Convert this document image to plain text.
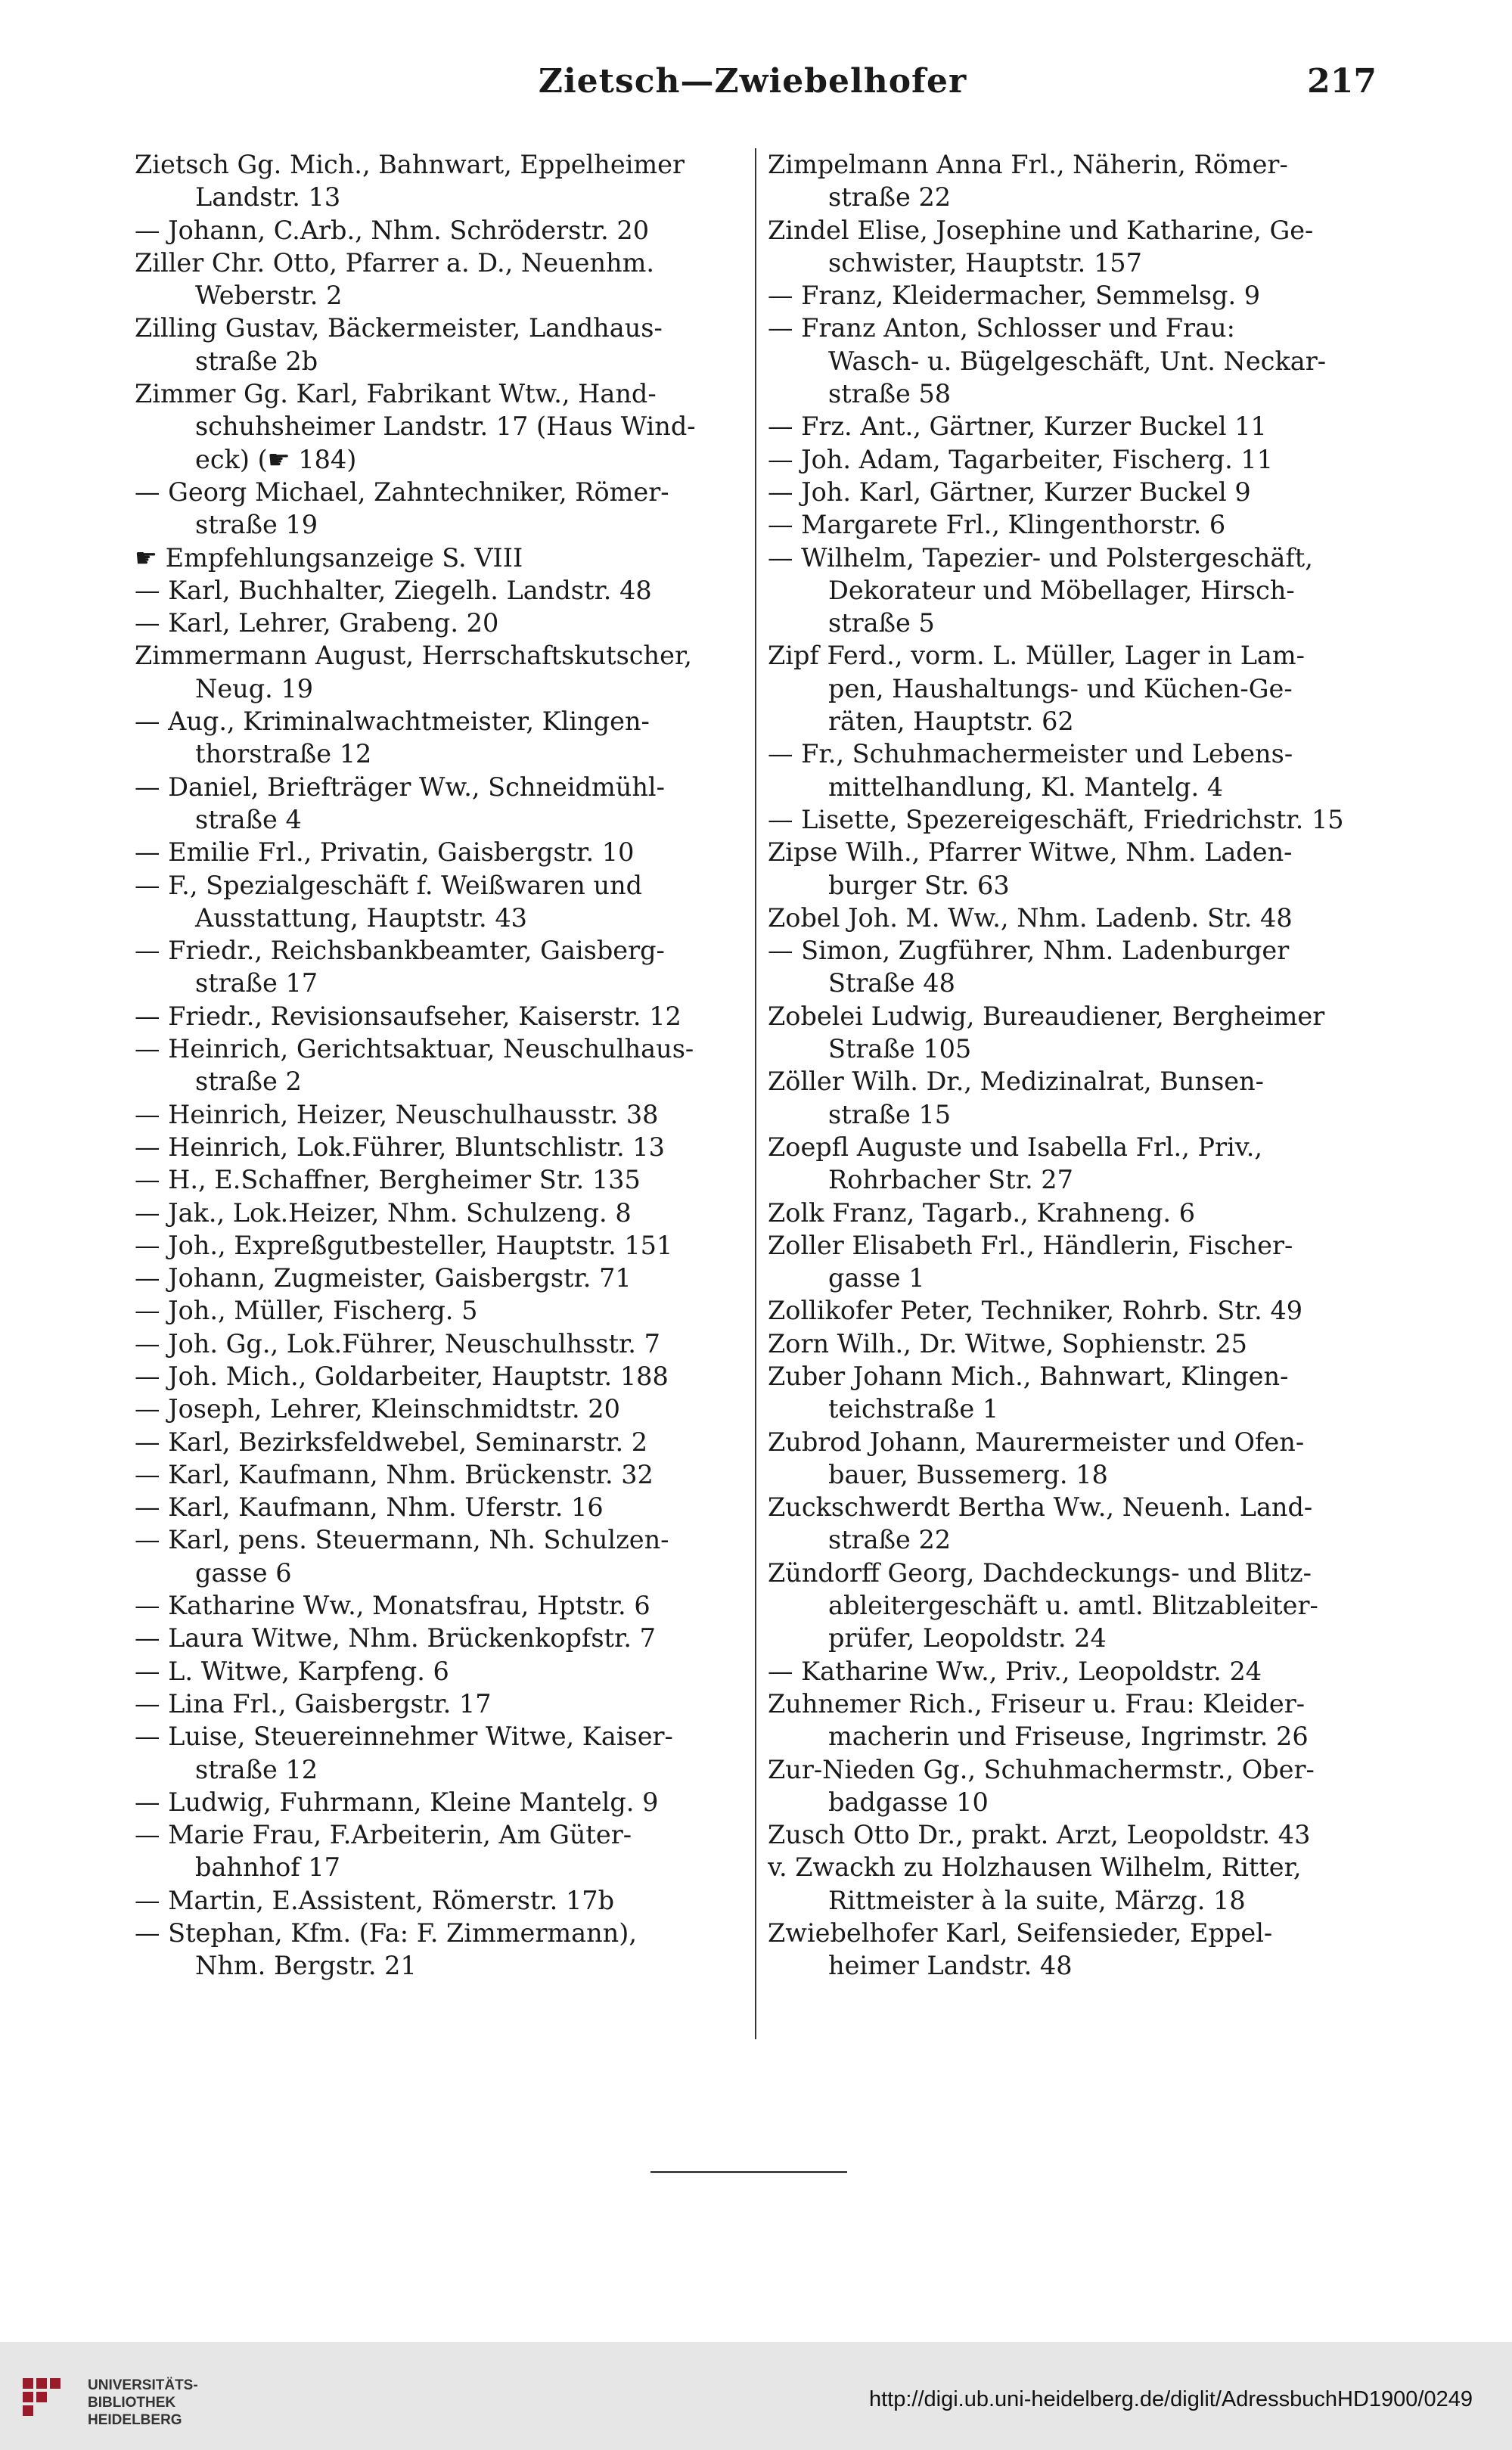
Zietsch—Zwiebelhofer	217
Zietsch Gg. Mich., Bahnwart, Eppelheimer
Landstr. 13
— Johann, C.Arb., Nhm. Schröderstr. 20
Ziller Chr. Otto, Pfarrer a. D., Neuenhm.
Weberstr. 2
Zilling Gustav, Bäckermeister, Landhaus-
straße 2b
Zimmer Gg. Karl, Fabrikant Wtw., Hand-
schuhsheimer Landstr. 17 (Haus Wind-
eck) (☛ 184)
— Georg Michael, Zahntechniker, Römer-
straße 19
☛ Empfehlungsanzeige S. VIII
— Karl, Buchhalter, Ziegelh. Landstr. 48
— Karl, Lehrer, Grabeng. 20
Zimmermann August, Herrschaftskutscher,
Neug. 19
— Aug., Kriminalwachtmeister, Klingen-
thorstraße 12
— Daniel, Briefträger Ww., Schneidmühl-
straße 4
— Emilie Frl., Privatin, Gaisbergstr. 10
— F., Spezialgeschäft f. Weißwaren und
Ausstattung, Hauptstr. 43
— Friedr., Reichsbankbeamter, Gaisberg-
straße 17
— Friedr., Revisionsaufseher, Kaiserstr. 12
— Heinrich, Gerichtsaktuar, Neuschulhaus-
straße 2
— Heinrich, Heizer, Neuschulhausstr. 38
— Heinrich, Lok.Führer, Bluntschlistr. 13
— H., E.Schaffner, Bergheimer Str. 135
— Jak., Lok.Heizer, Nhm. Schulzeng. 8
— Joh., Expreßgutbesteller, Hauptstr. 151
— Johann, Zugmeister, Gaisbergstr. 71
— Joh., Müller, Fischerg. 5
— Joh. Gg., Lok.Führer, Neuschulhsstr. 7
— Joh. Mich., Goldarbeiter, Hauptstr. 188
— Joseph, Lehrer, Kleinschmidtstr. 20
— Karl, Bezirksfeldwebel, Seminarstr. 2
— Karl, Kaufmann, Nhm. Brückenstr. 32
— Karl, Kaufmann, Nhm. Uferstr. 16
— Karl, pens. Steuermann, Nh. Schulzen-
gasse 6
— Katharine Ww., Monatsfrau, Hptstr. 6
— Laura Witwe, Nhm. Brückenkopfstr. 7
— L. Witwe, Karpfeng. 6
— Lina Frl., Gaisbergstr. 17
— Luise, Steuereinnehmer Witwe, Kaiser-
straße 12
— Ludwig, Fuhrmann, Kleine Mantelg. 9
— Marie Frau, F.Arbeiterin, Am Güter-
bahnhof 17
— Martin, E.Assistent, Römerstr. 17b
— Stephan, Kfm. (Fa: F. Zimmermann),
Nhm. Bergstr. 21
Zimpelmann Anna Frl., Näherin, Römer-
straße 22
Zindel Elise, Josephine und Katharine, Ge-
schwister, Hauptstr. 157
— Franz, Kleidermacher, Semmelsg. 9
— Franz Anton, Schlosser und Frau:
Wasch- u. Bügelgeschäft, Unt. Neckar-
straße 58
— Frz. Ant., Gärtner, Kurzer Buckel 11
— Joh. Adam, Tagarbeiter, Fischerg. 11
— Joh. Karl, Gärtner, Kurzer Buckel 9
— Margarete Frl., Klingenthorstr. 6
— Wilhelm, Tapezier- und Polstergeschäft,
Dekorateur und Möbellager, Hirsch-
straße 5
Zipf Ferd., vorm. L. Müller, Lager in Lam-
pen, Haushaltungs- und Küchen-Ge-
räten, Hauptstr. 62
— Fr., Schuhmachermeister und Lebens-
mittelhandlung, Kl. Mantelg. 4
— Lisette, Spezereigeschäft, Friedrichstr. 15
Zipse Wilh., Pfarrer Witwe, Nhm. Laden-
burger Str. 63
Zobel Joh. M. Ww., Nhm. Ladenb. Str. 48
— Simon, Zugführer, Nhm. Ladenburger
Straße 48
Zobelei Ludwig, Bureaudiener, Bergheimer
Straße 105
Zöller Wilh. Dr., Medizinalrat, Bunsen-
straße 15
Zoepfl Auguste und Isabella Frl., Priv.,
Rohrbacher Str. 27
Zolk Franz, Tagarb., Krahneng. 6
Zoller Elisabeth Frl., Händlerin, Fischer-
gasse 1
Zollikofer Peter, Techniker, Rohrb. Str. 49
Zorn Wilh., Dr. Witwe, Sophienstr. 25
Zuber Johann Mich., Bahnwart, Klingen-
teichstraße 1
Zubrod Johann, Maurermeister und Ofen-
bauer, Bussemerg. 18
Zuckschwerdt Bertha Ww., Neuenh. Land-
straße 22
Zündorff Georg, Dachdeckungs- und Blitz-
ableitergeschäft u. amtl. Blitzableiter-
prüfer, Leopoldstr. 24
— Katharine Ww., Priv., Leopoldstr. 24
Zuhnemer Rich., Friseur u. Frau: Kleider-
macherin und Friseuse, Ingrimstr. 26
Zur-Nieden Gg., Schuhmachermstr., Ober-
badgasse 10
Zusch Otto Dr., prakt. Arzt, Leopoldstr. 43
v. Zwackh zu Holzhausen Wilhelm, Ritter,
Rittmeister à la suite, Märzg. 18
Zwiebelhofer Karl, Seifensieder, Eppel-
heimer Landstr. 48
UNIVERSITÄTS-
BIBLIOTHEK
HEIDELBERG
http://digi.ub.uni-heidelberg.de/diglit/AdressbuchHD1900/0249
